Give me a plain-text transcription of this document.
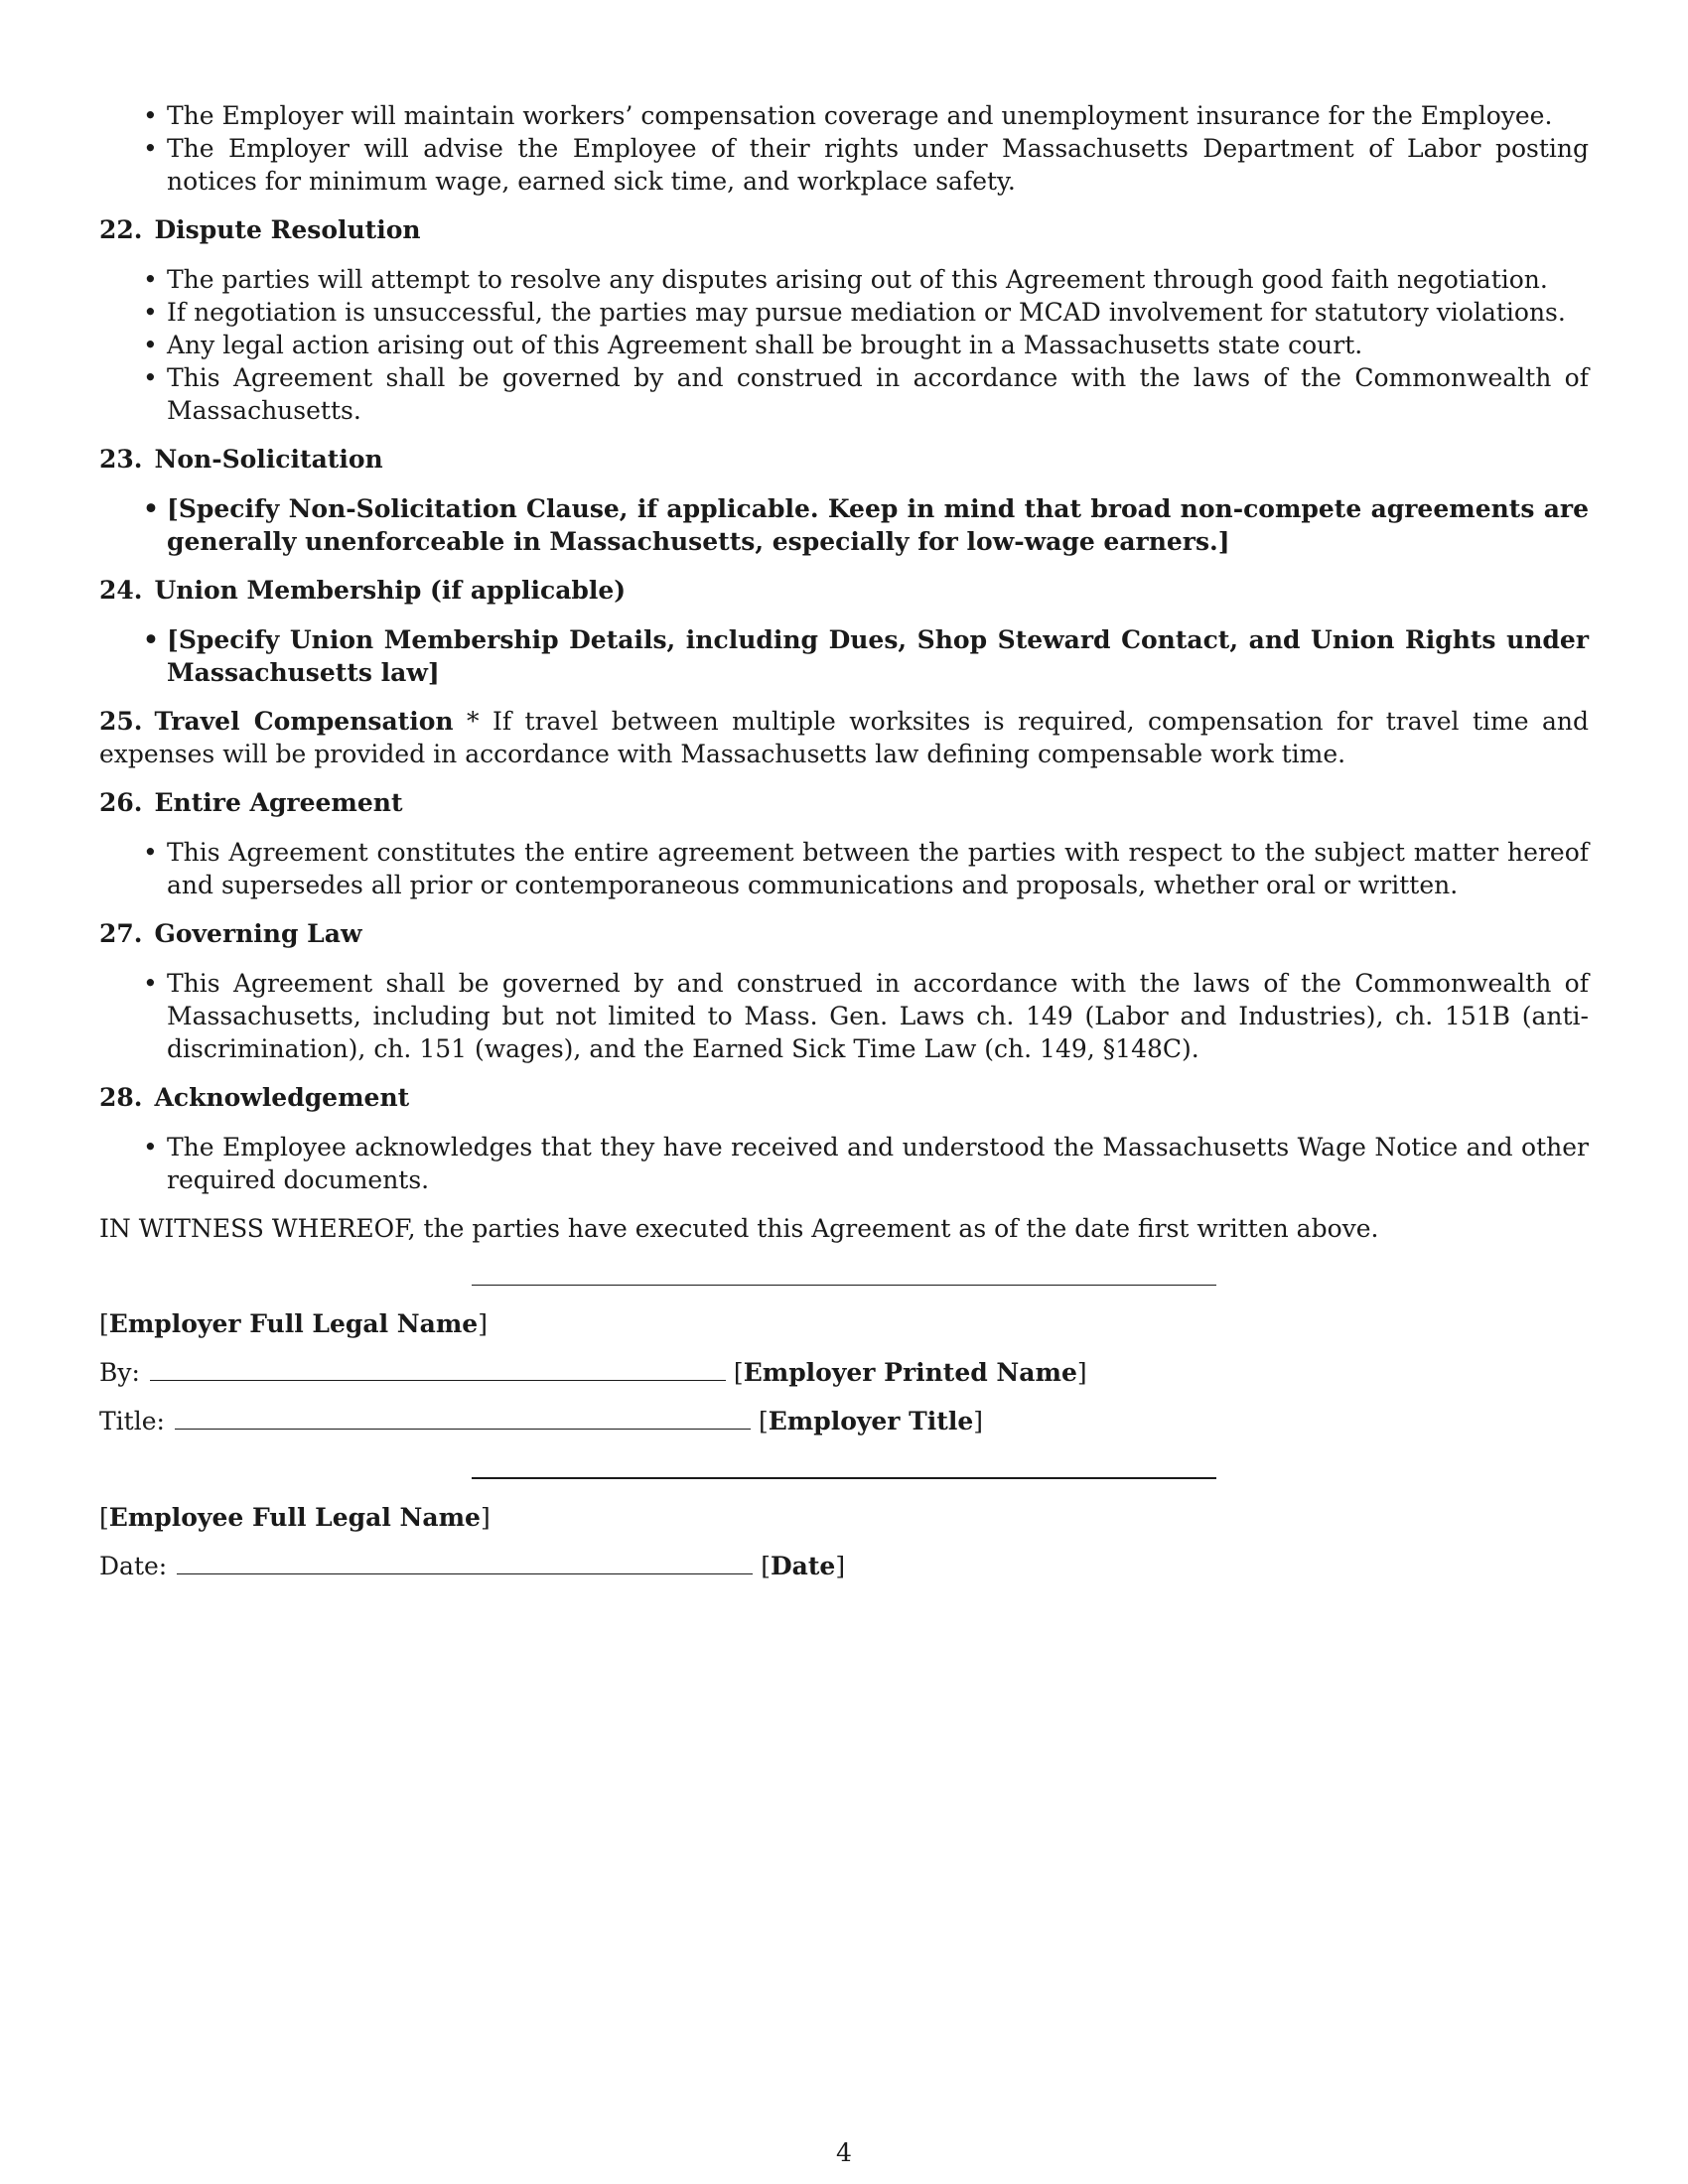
• The Employer will maintain workers’ compensation coverage and unemployment insurance for the Employee.
• The Employer will advise the Employee of their rights under Massachusetts Department of Labor posting notices for minimum wage, earned sick time, and workplace safety.
22. Dispute Resolution
• The parties will attempt to resolve any disputes arising out of this Agreement through good faith negotiation.
• If negotiation is unsuccessful, the parties may pursue mediation or MCAD involvement for statutory violations.
• Any legal action arising out of this Agreement shall be brought in a Massachusetts state court.
• This Agreement shall be governed by and construed in accordance with the laws of the Commonwealth of Massachusetts.
23. Non-Solicitation
• [Specify Non-Solicitation Clause, if applicable. Keep in mind that broad non-compete agreements are generally unenforceable in Massachusetts, especially for low-wage earners.]
24. Union Membership (if applicable)
• [Specify Union Membership Details, including Dues, Shop Steward Contact, and Union Rights under Massachusetts law]
25. Travel Compensation * If travel between multiple worksites is required, compensation for travel time and expenses will be provided in accordance with Massachusetts law defining compensable work time.
26. Entire Agreement
• This Agreement constitutes the entire agreement between the parties with respect to the subject matter hereof and supersedes all prior or contemporaneous communications and proposals, whether oral or written.
27. Governing Law
• This Agreement shall be governed by and construed in accordance with the laws of the Commonwealth of Massachusetts, including but not limited to Mass. Gen. Laws ch. 149 (Labor and Industries), ch. 151B (anti-discrimination), ch. 151 (wages), and the Earned Sick Time Law (ch. 149, §148C).
28. Acknowledgement
• The Employee acknowledges that they have received and understood the Massachusetts Wage Notice and other required documents.
IN WITNESS WHEREOF, the parties have executed this Agreement as of the date first written above.
[Employer Full Legal Name]
By:	[Employer Printed Name]
Title:	[Employer Title]
[Employee Full Legal Name]
Date:	[Date]
4
